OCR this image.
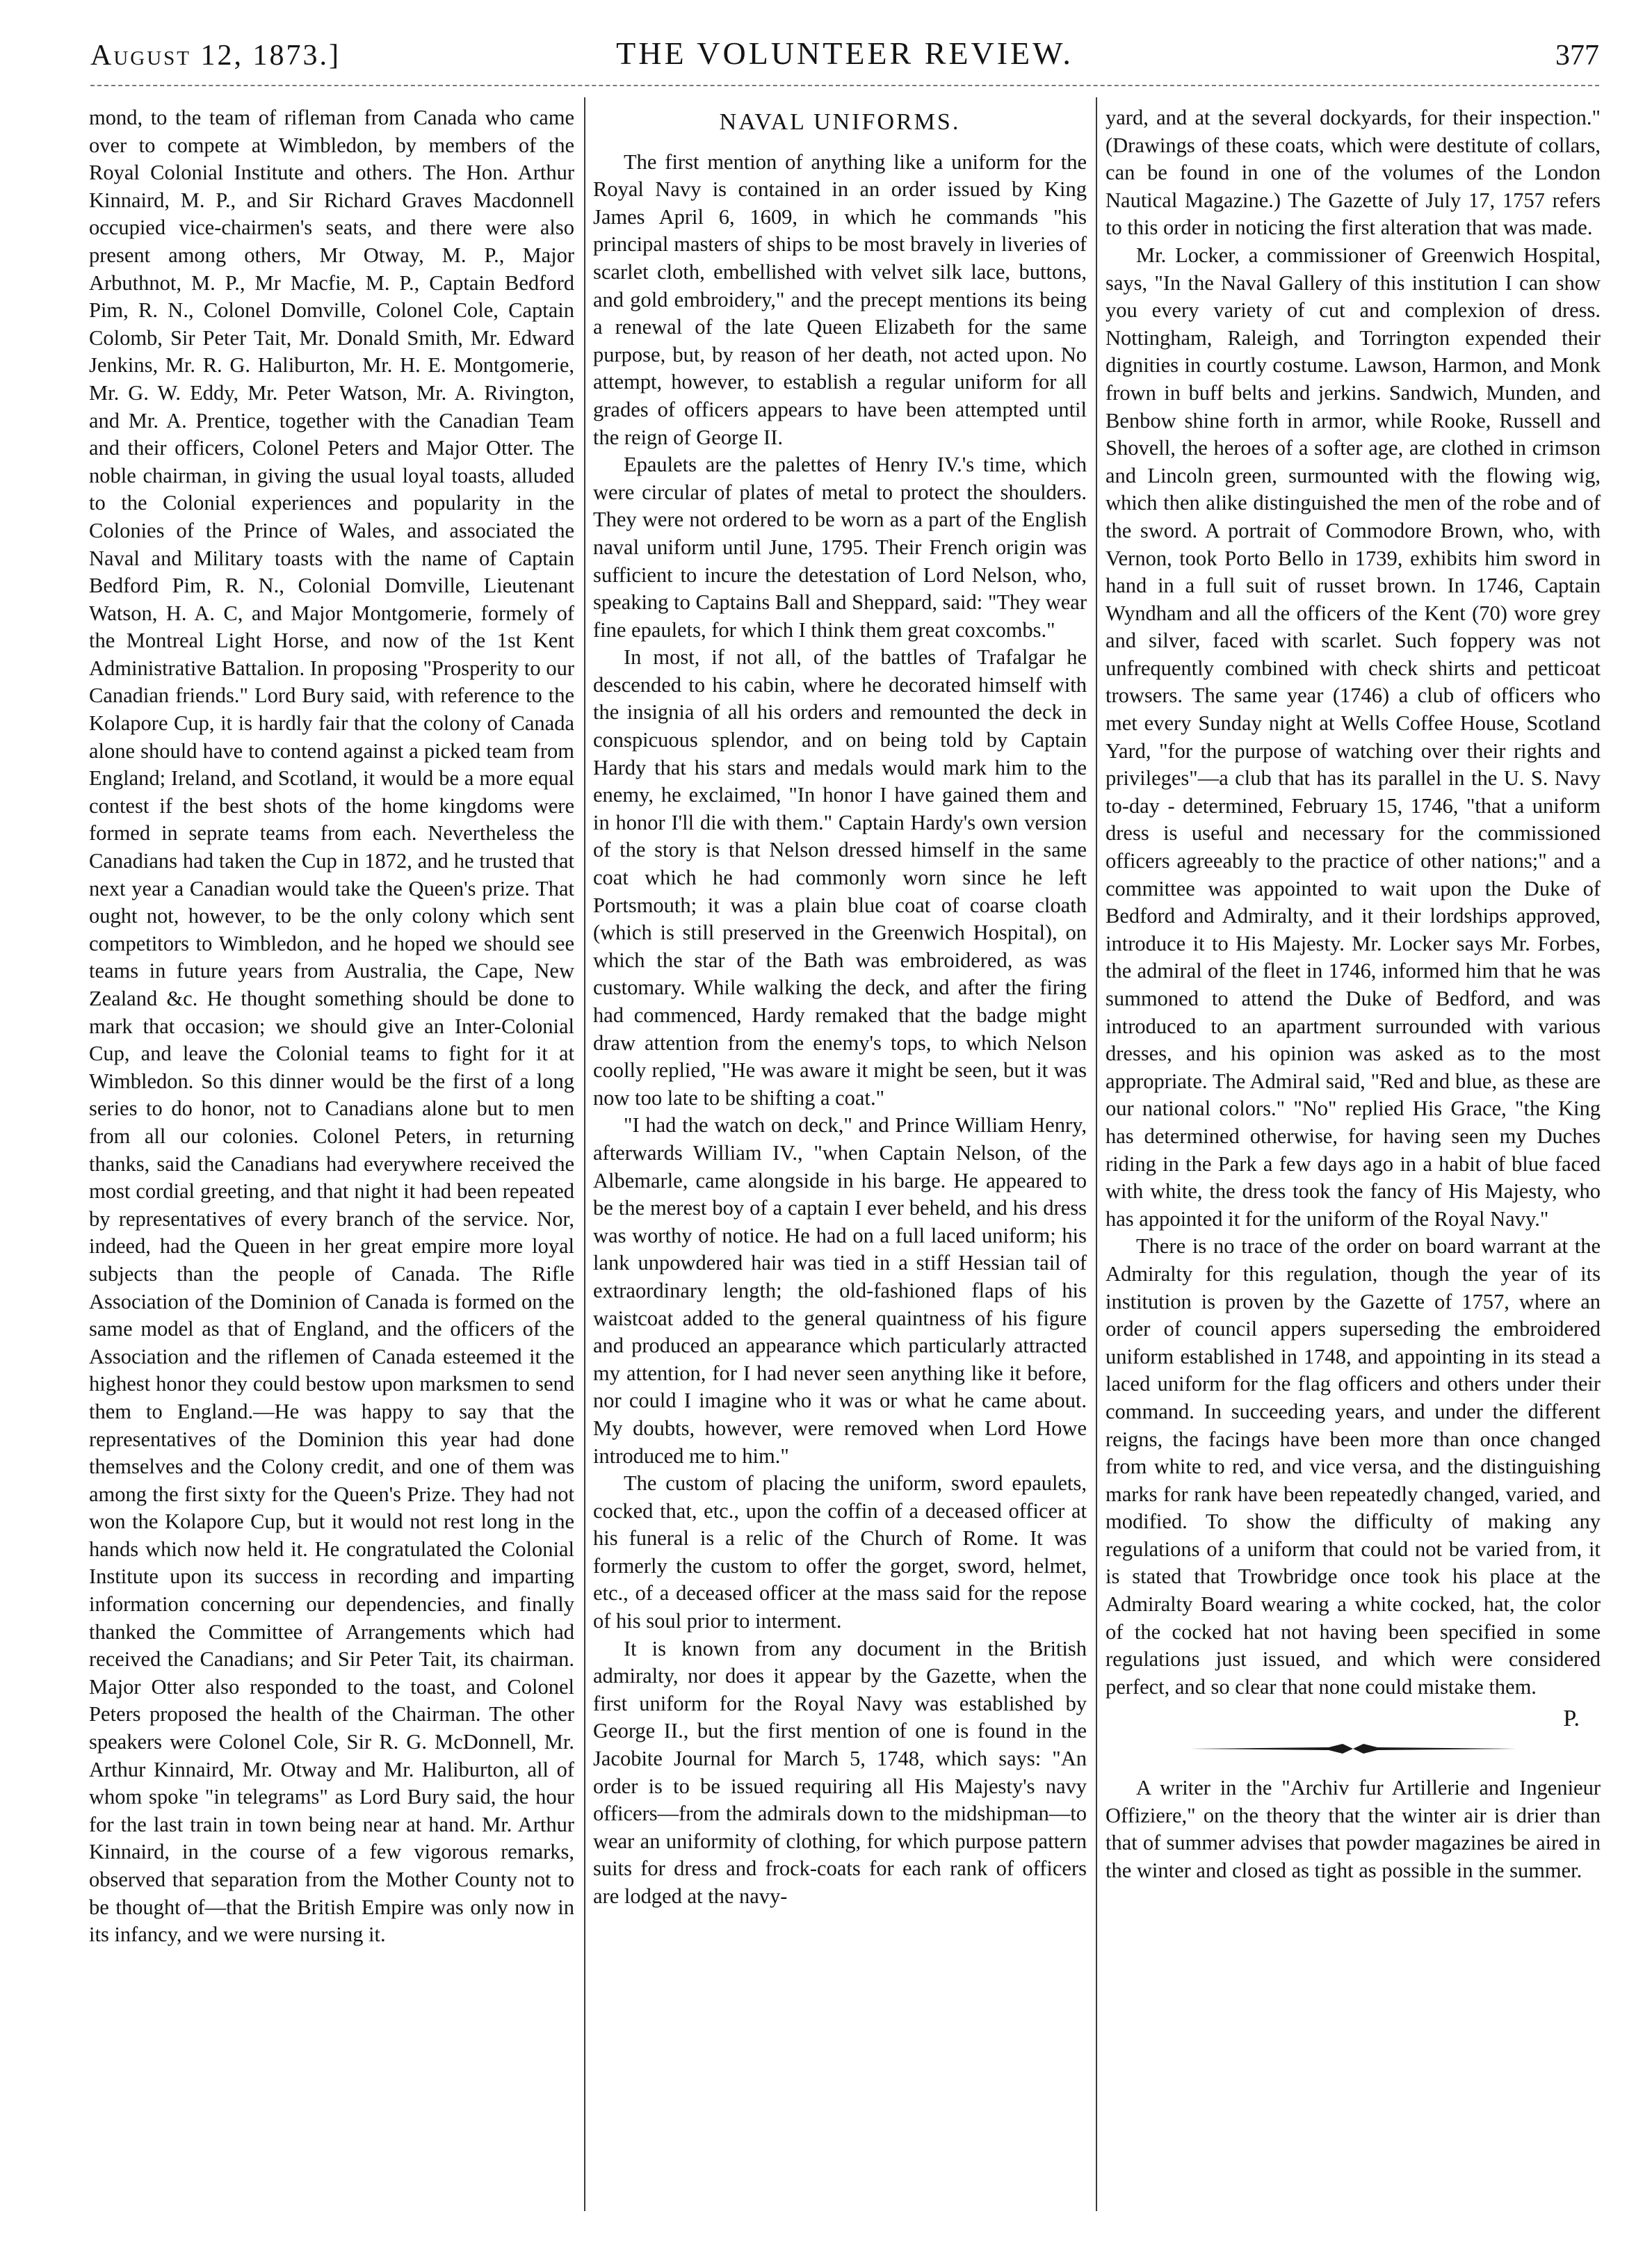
August 12, 1873.]	THE VOLUNTEER REVIEW.	377

mond, to the team of rifleman from Canada who came over to compete at Wimbledon, by members of the Royal Colonial Institute and others. The Hon. Arthur Kinnaird, M. P., and Sir Richard Graves Macdonnell occupied vice-chairmen's seats, and there were also present among others, Mr Otway, M. P., Major Arbuthnot, M. P., Mr Macfie, M. P., Captain Bedford Pim, R. N., Colonel Domville, Colonel Cole, Captain Colomb, Sir Peter Tait, Mr. Donald Smith, Mr. Edward Jenkins, Mr. R. G. Haliburton, Mr. H. E. Montgomerie, Mr. G. W. Eddy, Mr. Peter Watson, Mr. A. Rivington, and Mr. A. Prentice, together with the Canadian Team and their officers, Colonel Peters and Major Otter. The noble chairman, in giving the usual loyal toasts, alluded to the Colonial experiences and popularity in the Colonies of the Prince of Wales, and associated the Naval and Military toasts with the name of Captain Bedford Pim, R. N., Colonial Domville, Lieutenant Watson, H. A. C, and Major Montgomerie, formely of the Montreal Light Horse, and now of the 1st Kent Administrative Battalion. In proposing "Prosperity to our Canadian friends." Lord Bury said, with reference to the Kolapore Cup, it is hardly fair that the colony of Canada alone should have to contend against a picked team from England; Ireland, and Scotland, it would be a more equal contest if the best shots of the home kingdoms were formed in seprate teams from each. Nevertheless the Canadians had taken the Cup in 1872, and he trusted that next year a Canadian would take the Queen's prize. That ought not, however, to be the only colony which sent competitors to Wimbledon, and he hoped we should see teams in future years from Australia, the Cape, New Zealand &c. He thought something should be done to mark that occasion; we should give an Inter-Colonial Cup, and leave the Colonial teams to fight for it at Wimbledon. So this dinner would be the first of a long series to do honor, not to Canadians alone but to men from all our colonies. Colonel Peters, in returning thanks, said the Canadians had everywhere received the most cordial greeting, and that night it had been repeated by representatives of every branch of the service. Nor, indeed, had the Queen in her great empire more loyal subjects than the people of Canada. The Rifle Association of the Dominion of Canada is formed on the same model as that of England, and the officers of the Association and the riflemen of Canada esteemed it the highest honor they could bestow upon marksmen to send them to England.—He was happy to say that the representatives of the Dominion this year had done themselves and the Colony credit, and one of them was among the first sixty for the Queen's Prize. They had not won the Kolapore Cup, but it would not rest long in the hands which now held it. He congratulated the Colonial Institute upon its success in recording and imparting information concerning our dependencies, and finally thanked the Committee of Arrangements which had received the Canadians; and Sir Peter Tait, its chairman. Major Otter also responded to the toast, and Colonel Peters proposed the health of the Chairman. The other speakers were Colonel Cole, Sir R. G. McDonnell, Mr. Arthur Kinnaird, Mr. Otway and Mr. Haliburton, all of whom spoke "in telegrams" as Lord Bury said, the hour for the last train in town being near at hand. Mr. Arthur Kinnaird, in the course of a few vigorous remarks, observed that separation from the Mother County not to be thought of—that the British Empire was only now in its infancy, and we were nursing it.

NAVAL UNIFORMS.

The first mention of anything like a uniform for the Royal Navy is contained in an order issued by King James April 6, 1609, in which he commands "his principal masters of ships to be most bravely in liveries of scarlet cloth, embellished with velvet silk lace, buttons, and gold embroidery," and the precept mentions its being a renewal of the late Queen Elizabeth for the same purpose, but, by reason of her death, not acted upon. No attempt, however, to establish a regular uniform for all grades of officers appears to have been attempted until the reign of George II.

Epaulets are the palettes of Henry IV.'s time, which were circular of plates of metal to protect the shoulders. They were not ordered to be worn as a part of the English naval uniform until June, 1795. Their French origin was sufficient to incure the detestation of Lord Nelson, who, speaking to Captains Ball and Sheppard, said: "They wear fine epaulets, for which I think them great coxcombs."

In most, if not all, of the battles of Trafalgar he descended to his cabin, where he decorated himself with the insignia of all his orders and remounted the deck in conspicuous splendor, and on being told by Captain Hardy that his stars and medals would mark him to the enemy, he exclaimed, "In honor I have gained them and in honor I'll die with them." Captain Hardy's own version of the story is that Nelson dressed himself in the same coat which he had commonly worn since he left Portsmouth; it was a plain blue coat of coarse cloath (which is still preserved in the Greenwich Hospital), on which the star of the Bath was embroidered, as was customary. While walking the deck, and after the firing had commenced, Hardy remaked that the badge might draw attention from the enemy's tops, to which Nelson coolly replied, "He was aware it might be seen, but it was now too late to be shifting a coat."

"I had the watch on deck," and Prince William Henry, afterwards William IV., "when Captain Nelson, of the Albemarle, came alongside in his barge. He appeared to be the merest boy of a captain I ever beheld, and his dress was worthy of notice. He had on a full laced uniform; his lank unpowdered hair was tied in a stiff Hessian tail of extraordinary length; the old-fashioned flaps of his waistcoat added to the general quaintness of his figure and produced an appearance which particularly attracted my attention, for I had never seen anything like it before, nor could I imagine who it was or what he came about. My doubts, however, were removed when Lord Howe introduced me to him."

The custom of placing the uniform, sword epaulets, cocked that, etc., upon the coffin of a deceased officer at his funeral is a relic of the Church of Rome. It was formerly the custom to offer the gorget, sword, helmet, etc., of a deceased officer at the mass said for the repose of his soul prior to interment.

It is known from any document in the British admiralty, nor does it appear by the Gazette, when the first uniform for the Royal Navy was established by George II., but the first mention of one is found in the Jacobite Journal for March 5, 1748, which says: "An order is to be issued requiring all His Majesty's navy officers—from the admirals down to the midshipman—to wear an uniformity of clothing, for which purpose pattern suits for dress and frock-coats for each rank of officers are lodged at the navy-

yard, and at the several dockyards, for their inspection." (Drawings of these coats, which were destitute of collars, can be found in one of the volumes of the London Nautical Magazine.) The Gazette of July 17, 1757 refers to this order in noticing the first alteration that was made.

Mr. Locker, a commissioner of Greenwich Hospital, says, "In the Naval Gallery of this institution I can show you every variety of cut and complexion of dress. Nottingham, Raleigh, and Torrington expended their dignities in courtly costume. Lawson, Harmon, and Monk frown in buff belts and jerkins. Sandwich, Munden, and Benbow shine forth in armor, while Rooke, Russell and Shovell, the heroes of a softer age, are clothed in crimson and Lincoln green, surmounted with the flowing wig, which then alike distinguished the men of the robe and of the sword. A portrait of Commodore Brown, who, with Vernon, took Porto Bello in 1739, exhibits him sword in hand in a full suit of russet brown. In 1746, Captain Wyndham and all the officers of the Kent (70) wore grey and silver, faced with scarlet. Such foppery was not unfrequently combined with check shirts and petticoat trowsers. The same year (1746) a club of officers who met every Sunday night at Wells Coffee House, Scotland Yard, "for the purpose of watching over their rights and privileges"—a club that has its parallel in the U. S. Navy to-day - determined, February 15, 1746, "that a uniform dress is useful and necessary for the commissioned officers agreeably to the practice of other nations;" and a committee was appointed to wait upon the Duke of Bedford and Admiralty, and it their lordships approved, introduce it to His Majesty. Mr. Locker says Mr. Forbes, the admiral of the fleet in 1746, informed him that he was summoned to attend the Duke of Bedford, and was introduced to an apartment surrounded with various dresses, and his opinion was asked as to the most appropriate. The Admiral said, "Red and blue, as these are our national colors." "No" replied His Grace, "the King has determined otherwise, for having seen my Duches riding in the Park a few days ago in a habit of blue faced with white, the dress took the fancy of His Majesty, who has appointed it for the uniform of the Royal Navy."

There is no trace of the order on board warrant at the Admiralty for this regulation, though the year of its institution is proven by the Gazette of 1757, where an order of council appers superseding the embroidered uniform established in 1748, and appointing in its stead a laced uniform for the flag officers and others under their command. In succeeding years, and under the different reigns, the facings have been more than once changed from white to red, and vice versa, and the distinguishing marks for rank have been repeatedly changed, varied, and modified. To show the difficulty of making any regulations of a uniform that could not be varied from, it is stated that Trowbridge once took his place at the Admiralty Board wearing a white cocked, hat, the color of the cocked hat not having been specified in some regulations just issued, and which were considered perfect, and so clear that none could mistake them.

P.

A writer in the "Archiv fur Artillerie and Ingenieur Offiziere," on the theory that the winter air is drier than that of summer advises that powder magazines be aired in the winter and closed as tight as possible in the summer.
